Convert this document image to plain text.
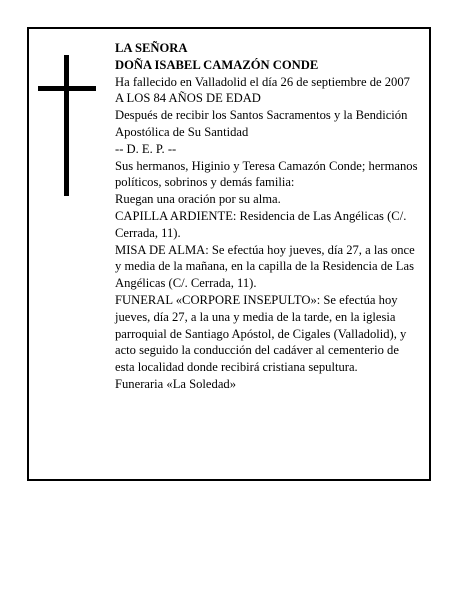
LA SEÑORA

DOÑA ISABEL CAMAZÓN CONDE

Ha fallecido en Valladolid el día 26 de septiembre de 2007

A LOS 84 AÑOS DE EDAD

Después de recibir los Santos Sacramentos y la Bendición Apostólica de Su Santidad

-- D. E. P. --

Sus hermanos, Higinio y Teresa Camazón Conde; hermanos políticos, sobrinos y demás familia:

Ruegan una oración por su alma.

CAPILLA ARDIENTE: Residencia de Las Angélicas (C/. Cerrada, 11).

MISA DE ALMA: Se efectúa hoy jueves, día 27, a las once y media de la mañana, en la capilla de la Residencia de Las Angélicas (C/. Cerrada, 11).

FUNERAL «CORPORE INSEPULTO»: Se efectúa hoy jueves, día 27, a la una y media de la tarde, en la iglesia parroquial de Santiago Apóstol, de Cigales (Valladolid), y acto seguido la conducción del cadáver al cementerio de esta localidad donde recibirá cristiana sepultura.

Funeraria «La Soledad»
